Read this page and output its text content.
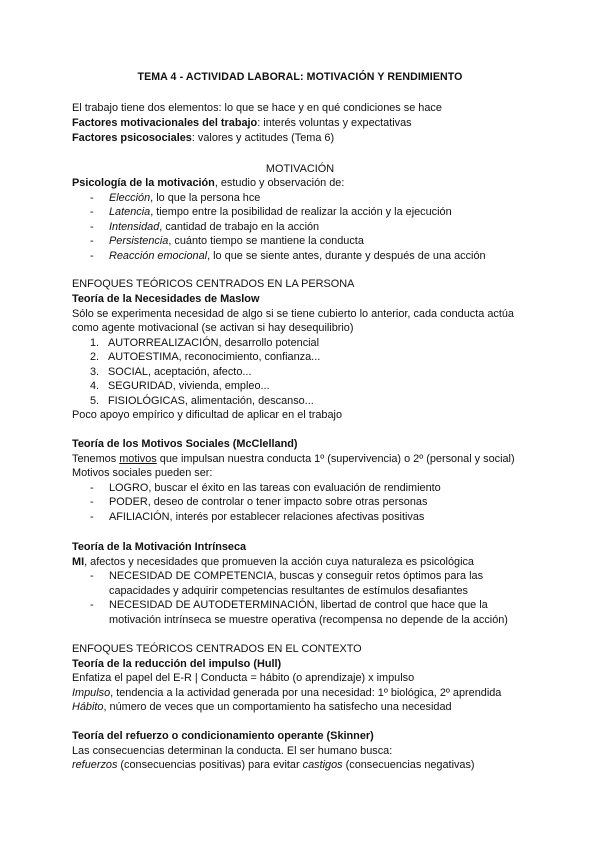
TEMA 4 - ACTIVIDAD LABORAL: MOTIVACIÓN Y RENDIMIENTO
El trabajo tiene dos elementos: lo que se hace y en qué condiciones se hace
Factores motivacionales del trabajo: interés voluntas y expectativas
Factores psicosociales: valores y actitudes (Tema 6)
MOTIVACIÓN
Psicología de la motivación, estudio y observación de:
- Elección, lo que la persona hce
- Latencia, tiempo entre la posibilidad de realizar la acción y la ejecución
- Intensidad, cantidad de trabajo en la acción
- Persistencia, cuánto tiempo se mantiene la conducta
- Reacción emocional, lo que se siente antes, durante y después de una acción
ENFOQUES TEÓRICOS CENTRADOS EN LA PERSONA
Teoría de la Necesidades de Maslow
Sólo se experimenta necesidad de algo si se tiene cubierto lo anterior, cada conducta actúa
como agente motivacional (se activan si hay desequilibrio)
1. AUTORREALIZACIÓN, desarrollo potencial
2. AUTOESTIMA, reconocimiento, confianza...
3. SOCIAL, aceptación, afecto...
4. SEGURIDAD, vivienda, empleo...
5. FISIOLÓGICAS, alimentación, descanso...
Poco apoyo empírico y dificultad de aplicar en el trabajo
Teoría de los Motivos Sociales (McClelland)
Tenemos motivos que impulsan nuestra conducta 1º (supervivencia) o 2º (personal y social)
Motivos sociales pueden ser:
- LOGRO, buscar el éxito en las tareas con evaluación de rendimiento
- PODER, deseo de controlar o tener impacto sobre otras personas
- AFILIACIÓN, interés por establecer relaciones afectivas positivas
Teoría de la Motivación Intrínseca
MI, afectos y necesidades que promueven la acción cuya naturaleza es psicológica
- NECESIDAD DE COMPETENCIA, buscas y conseguir retos óptimos para las
capacidades y adquirir competencias resultantes de estímulos desafiantes
- NECESIDAD DE AUTODETERMINACIÓN, libertad de control que hace que la
motivación intrínseca se muestre operativa (recompensa no depende de la acción)
ENFOQUES TEÓRICOS CENTRADOS EN EL CONTEXTO
Teoría de la reducción del impulso (Hull)
Enfatiza el papel del E-R | Conducta = hábito (o aprendizaje) x impulso
Impulso, tendencia a la actividad generada por una necesidad: 1º biológica, 2º aprendida
Hábito, número de veces que un comportamiento ha satisfecho una necesidad
Teoría del refuerzo o condicionamiento operante (Skinner)
Las consecuencias determinan la conducta. El ser humano busca:
refuerzos (consecuencias positivas) para evitar castigos (consecuencias negativas)
